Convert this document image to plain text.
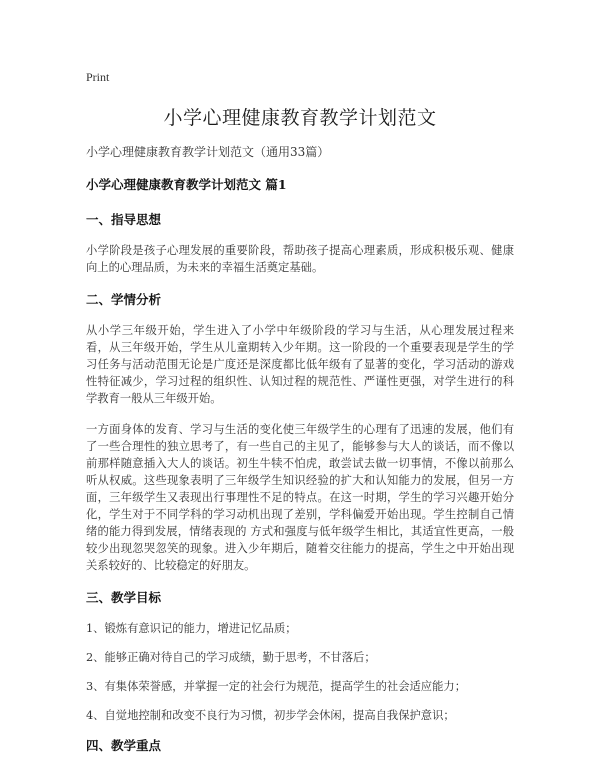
Print
小学心理健康教育教学计划范文

小学心理健康教育教学计划范文（通用33篇）

小学心理健康教育教学计划范文 篇1

一、指导思想

小学阶段是孩子心理发展的重要阶段，帮助孩子提高心理素质，形成积极乐观、健康向上的心理品质，为未来的幸福生活奠定基础。

二、学情分析

从小学三年级开始，学生进入了小学中年级阶段的学习与生活，从心理发展过程来看，从三年级开始，学生从儿童期转入少年期。这一阶段的一个重要表现是学生的学习任务与活动范围无论是广度还是深度都比低年级有了显著的变化，学习活动的游戏性特征减少，学习过程的组织性、认知过程的规范性、严谨性更强，对学生进行的科学教育一般从三年级开始。

一方面身体的发育、学习与生活的变化使三年级学生的心理有了迅速的发展，他们有了一些合理性的独立思考了，有一些自己的主见了，能够参与大人的谈话，而不像以前那样随意插入大人的谈话。初生牛犊不怕虎，敢尝试去做一切事情，不像以前那么听从权威。这些现象表明了三年级学生知识经验的扩大和认知能力的发展，但另一方面，三年级学生又表现出行事理性不足的特点。在这一时期，学生的学习兴趣开始分化，学生对于不同学科的学习动机出现了差别，学科偏爱开始出现。学生控制自己情绪的能力得到发展，情绪表现的 方式和强度与低年级学生相比，其适宜性更高，一般较少出现忽哭忽笑的现象。进入少年期后，随着交往能力的提高，学生之中开始出现关系较好的、比较稳定的好朋友。

三、教学目标

1、锻炼有意识记的能力，增进记忆品质；

2、能够正确对待自己的学习成绩，勤于思考，不甘落后；

3、有集体荣誉感，并掌握一定的社会行为规范，提高学生的社会适应能力；

4、自觉地控制和改变不良行为习惯，初步学会休闲，提高自我保护意识；

四、教学重点
